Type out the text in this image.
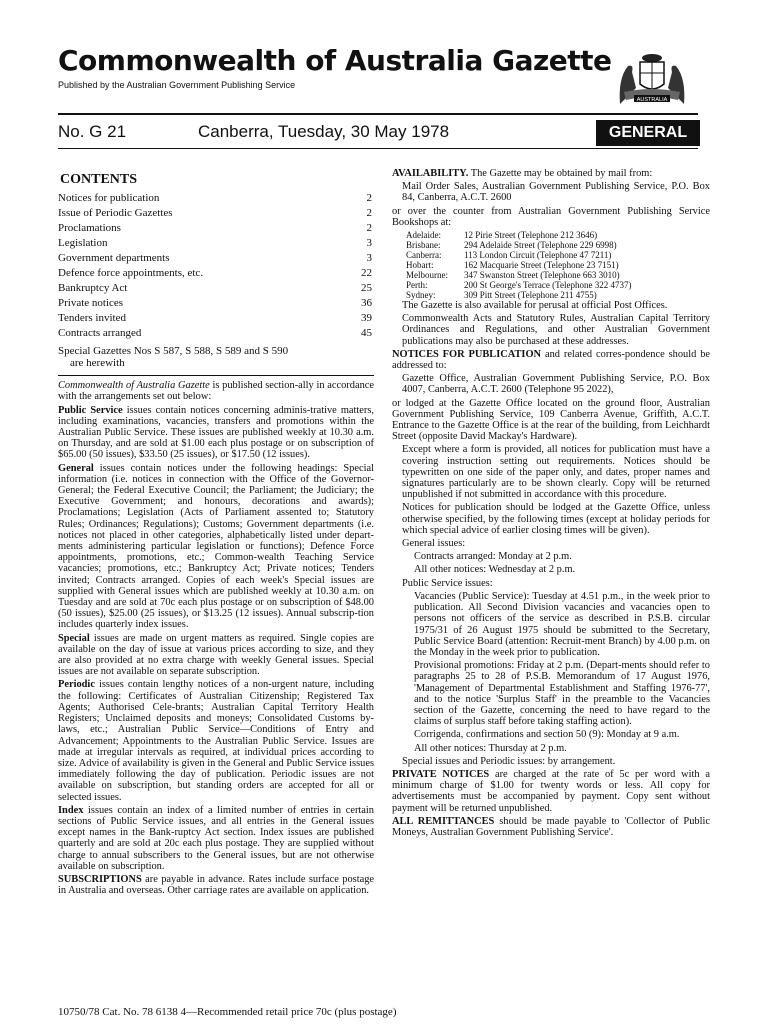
Commonwealth of Australia Gazette
Published by the Australian Government Publishing Service
AUSTRALIA
No. G 21	Canberra, Tuesday, 30 May 1978	GENERAL
CONTENTS
Notices for publication	2
Issue of Periodic Gazettes	2
Proclamations	2
Legislation	3
Government departments	3
Defence force appointments, etc.	22
Bankruptcy Act	25
Private notices	36
Tenders invited	39
Contracts arranged	45
Special Gazettes Nos S 587, S 588, S 589 and S 590
are herewith

Commonwealth of Australia Gazette is published section-ally in accordance with the arrangements set out below:

Public Service issues contain notices concerning adminis-trative matters, including examinations, vacancies, transfers and promotions within the Australian Public Service. These issues are published weekly at 10.30 a.m. on Thursday, and are sold at $1.00 each plus postage or on subscription of $65.00 (50 issues), $33.50 (25 issues), or $17.50 (12 issues).

General issues contain notices under the following headings: Special information (i.e. notices in connection with the Office of the Governor-General; the Federal Executive Council; the Parliament; the Judiciary; the Executive Government; and honours, decorations and awards); Proclamations; Legislation (Acts of Parliament assented to; Statutory Rules; Ordinances; Regulations); Customs; Government departments (i.e. notices not placed in other categories, alphabetically listed under depart-ments administering particular legislation or functions); Defence Force appointments, promotions, etc.; Common-wealth Teaching Service vacancies; promotions, etc.; Bankruptcy Act; Private notices; Tenders invited; Contracts arranged. Copies of each week's Special issues are supplied with General issues which are published weekly at 10.30 a.m. on Tuesday and are sold at 70c each plus postage or on subscription of $48.00 (50 issues), $25.00 (25 issues), or $13.25 (12 issues). Annual subscrip-tion includes quarterly index issues.

Special issues are made on urgent matters as required. Single copies are available on the day of issue at various prices according to size, and they are also provided at no extra charge with weekly General issues. Special issues are not available on separate subscription.

Periodic issues contain lengthy notices of a non-urgent nature, including the following: Certificates of Australian Citizenship; Registered Tax Agents; Authorised Cele-brants; Australian Capital Territory Health Registers; Unclaimed deposits and moneys; Consolidated Customs by-laws, etc.; Australian Public Service—Conditions of Entry and Advancement; Appointments to the Australian Public Service. Issues are made at irregular intervals as required, at individual prices according to size. Advice of availability is given in the General and Public Service issues immediately following the day of publication. Periodic issues are not available on subscription, but standing orders are accepted for all or selected issues.

Index issues contain an index of a limited number of entries in certain sections of Public Service issues, and all entries in the General issues except names in the Bank-ruptcy Act section. Index issues are published quarterly and are sold at 20c each plus postage. They are supplied without charge to annual subscribers to the General issues, but are not otherwise available on subscription.

SUBSCRIPTIONS are payable in advance. Rates include surface postage in Australia and overseas. Other carriage rates are available on application.

AVAILABILITY. The Gazette may be obtained by mail from:

Mail Order Sales, Australian Government Publishing Service, P.O. Box 84, Canberra, A.C.T. 2600

or over the counter from Australian Government Publishing Service Bookshops at:

Adelaide:	12 Pirie Street (Telephone 212 3646)
Brisbane:	294 Adelaide Street (Telephone 229 6998)
Canberra:	113 London Circuit (Telephone 47 7211)
Hobart:	162 Macquarie Street (Telephone 23 7151)
Melbourne:	347 Swanston Street (Telephone 663 3010)
Perth:	200 St George's Terrace (Telephone 322 4737)
Sydney:	309 Pitt Street (Telephone 211 4755)

The Gazette is also available for perusal at official Post Offices.

Commonwealth Acts and Statutory Rules, Australian Capital Territory Ordinances and Regulations, and other Australian Government publications may also be purchased at these addresses.

NOTICES FOR PUBLICATION and related corres-pondence should be addressed to:

Gazette Office, Australian Government Publishing Service, P.O. Box 4007, Canberra, A.C.T. 2600 (Telephone 95 2022),

or lodged at the Gazette Office located on the ground floor, Australian Government Publishing Service, 109 Canberra Avenue, Griffith, A.C.T. Entrance to the Gazette Office is at the rear of the building, from Leichhardt Street (opposite David Mackay's Hardware).

Except where a form is provided, all notices for publication must have a covering instruction setting out requirements. Notices should be typewritten on one side of the paper only, and dates, proper names and signatures particularly are to be shown clearly. Copy will be returned unpublished if not submitted in accordance with this procedure.

Notices for publication should be lodged at the Gazette Office, unless otherwise specified, by the following times (except at holiday periods for which special advice of earlier closing times will be given).

General issues:

Contracts arranged: Monday at 2 p.m.

All other notices: Wednesday at 2 p.m.

Public Service issues:

Vacancies (Public Service): Tuesday at 4.51 p.m., in the week prior to publication. All Second Division vacancies and vacancies open to persons not officers of the service as described in P.S.B. circular 1975/31 of 26 August 1975 should be submitted to the Secretary, Public Service Board (attention: Recruit-ment Branch) by 4.00 p.m. on the Monday in the week prior to publication.

Provisional promotions: Friday at 2 p.m. (Depart-ments should refer to paragraphs 25 to 28 of P.S.B. Memorandum of 17 August 1976, 'Management of Departmental Establishment and Staffing 1976-77', and to the notice 'Surplus Staff' in the preamble to the Vacancies section of the Gazette, concerning the need to have regard to the claims of surplus staff before taking staffing action).

Corrigenda, confirmations and section 50 (9): Monday at 9 a.m.

All other notices: Thursday at 2 p.m.

Special issues and Periodic issues: by arrangement.

PRIVATE NOTICES are charged at the rate of 5c per word with a minimum charge of $1.00 for twenty words or less. All copy for advertisements must be accompanied by payment. Copy sent without payment will be returned unpublished.

ALL REMITTANCES should be made payable to 'Collector of Public Moneys, Australian Government Publishing Service'.

10750/78 Cat. No. 78 6138 4—Recommended retail price 70c (plus postage)
